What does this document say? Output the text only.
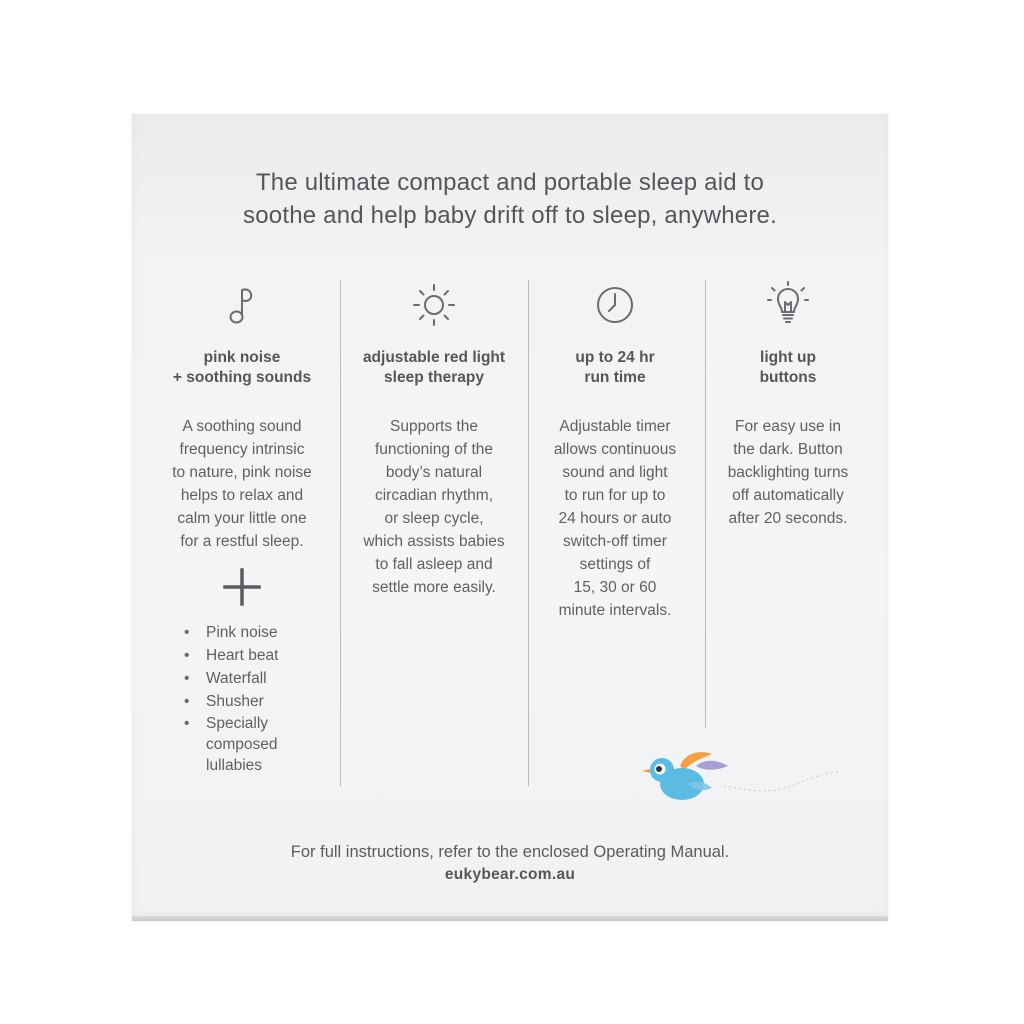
The ultimate compact and portable sleep aid to
soothe and help baby drift off to sleep, anywhere.
pink noise
+ soothing sounds
A soothing sound
frequency intrinsic
to nature, pink noise
helps to relax and
calm your little one
for a restful sleep.
• Pink noise
• Heart beat
• Waterfall
• Shusher
• Specially composed lullabies
adjustable red light
sleep therapy
Supports the
functioning of the
body’s natural
circadian rhythm,
or sleep cycle,
which assists babies
to fall asleep and
settle more easily.
up to 24 hr
run time
Adjustable timer
allows continuous
sound and light
to run for up to
24 hours or auto
switch-off timer
settings of
15, 30 or 60
minute intervals.
light up
buttons
For easy use in
the dark. Button
backlighting turns
off automatically
after 20 seconds.
For full instructions, refer to the enclosed Operating Manual.
eukybear.com.au
